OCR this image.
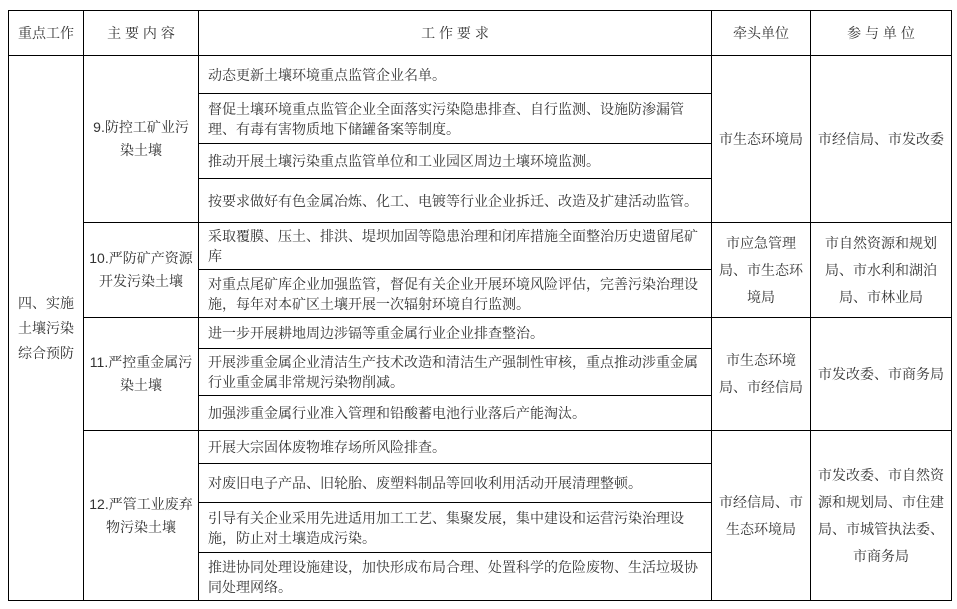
重点工作	主 要 内 容	工 作 要 求	牵头单位	参 与 单 位
四、实施土壤污染综合预防	9.防控工矿业污染土壤	动态更新土壤环境重点监管企业名单。	市生态环境局	市经信局、市发改委
		督促土壤环境重点监管企业全面落实污染隐患排查、自行监测、设施防渗漏管理、有毒有害物质地下储罐备案等制度。		
		推动开展土壤污染重点监管单位和工业园区周边土壤环境监测。		
		按要求做好有色金属冶炼、化工、电镀等行业企业拆迁、改造及扩建活动监管。		
	10.严防矿产资源开发污染土壤	采取覆膜、压土、排洪、堤坝加固等隐患治理和闭库措施全面整治历史遗留尾矿库	市应急管理局、市生态环境局	市自然资源和规划局、市水利和湖泊局、市林业局
		对重点尾矿库企业加强监管，督促有关企业开展环境风险评估，完善污染治理设施，每年对本矿区土壤开展一次辐射环境自行监测。		
	11.严控重金属污染土壤	进一步开展耕地周边涉镉等重金属行业企业排查整治。	市生态环境局、市经信局	市发改委、市商务局
		开展涉重金属企业清洁生产技术改造和清洁生产强制性审核，重点推动涉重金属行业重金属非常规污染物削减。		
		加强涉重金属行业准入管理和铅酸蓄电池行业落后产能淘汰。		
	12.严管工业废弃物污染土壤	开展大宗固体废物堆存场所风险排查。	市经信局、市生态环境局	市发改委、市自然资源和规划局、市住建局、市城管执法委、市商务局
		对废旧电子产品、旧轮胎、废塑料制品等回收利用活动开展清理整顿。		
		引导有关企业采用先进适用加工工艺、集聚发展，集中建设和运营污染治理设施，防止对土壤造成污染。		
		推进协同处理设施建设，加快形成布局合理、处置科学的危险废物、生活垃圾协同处理网络。		
